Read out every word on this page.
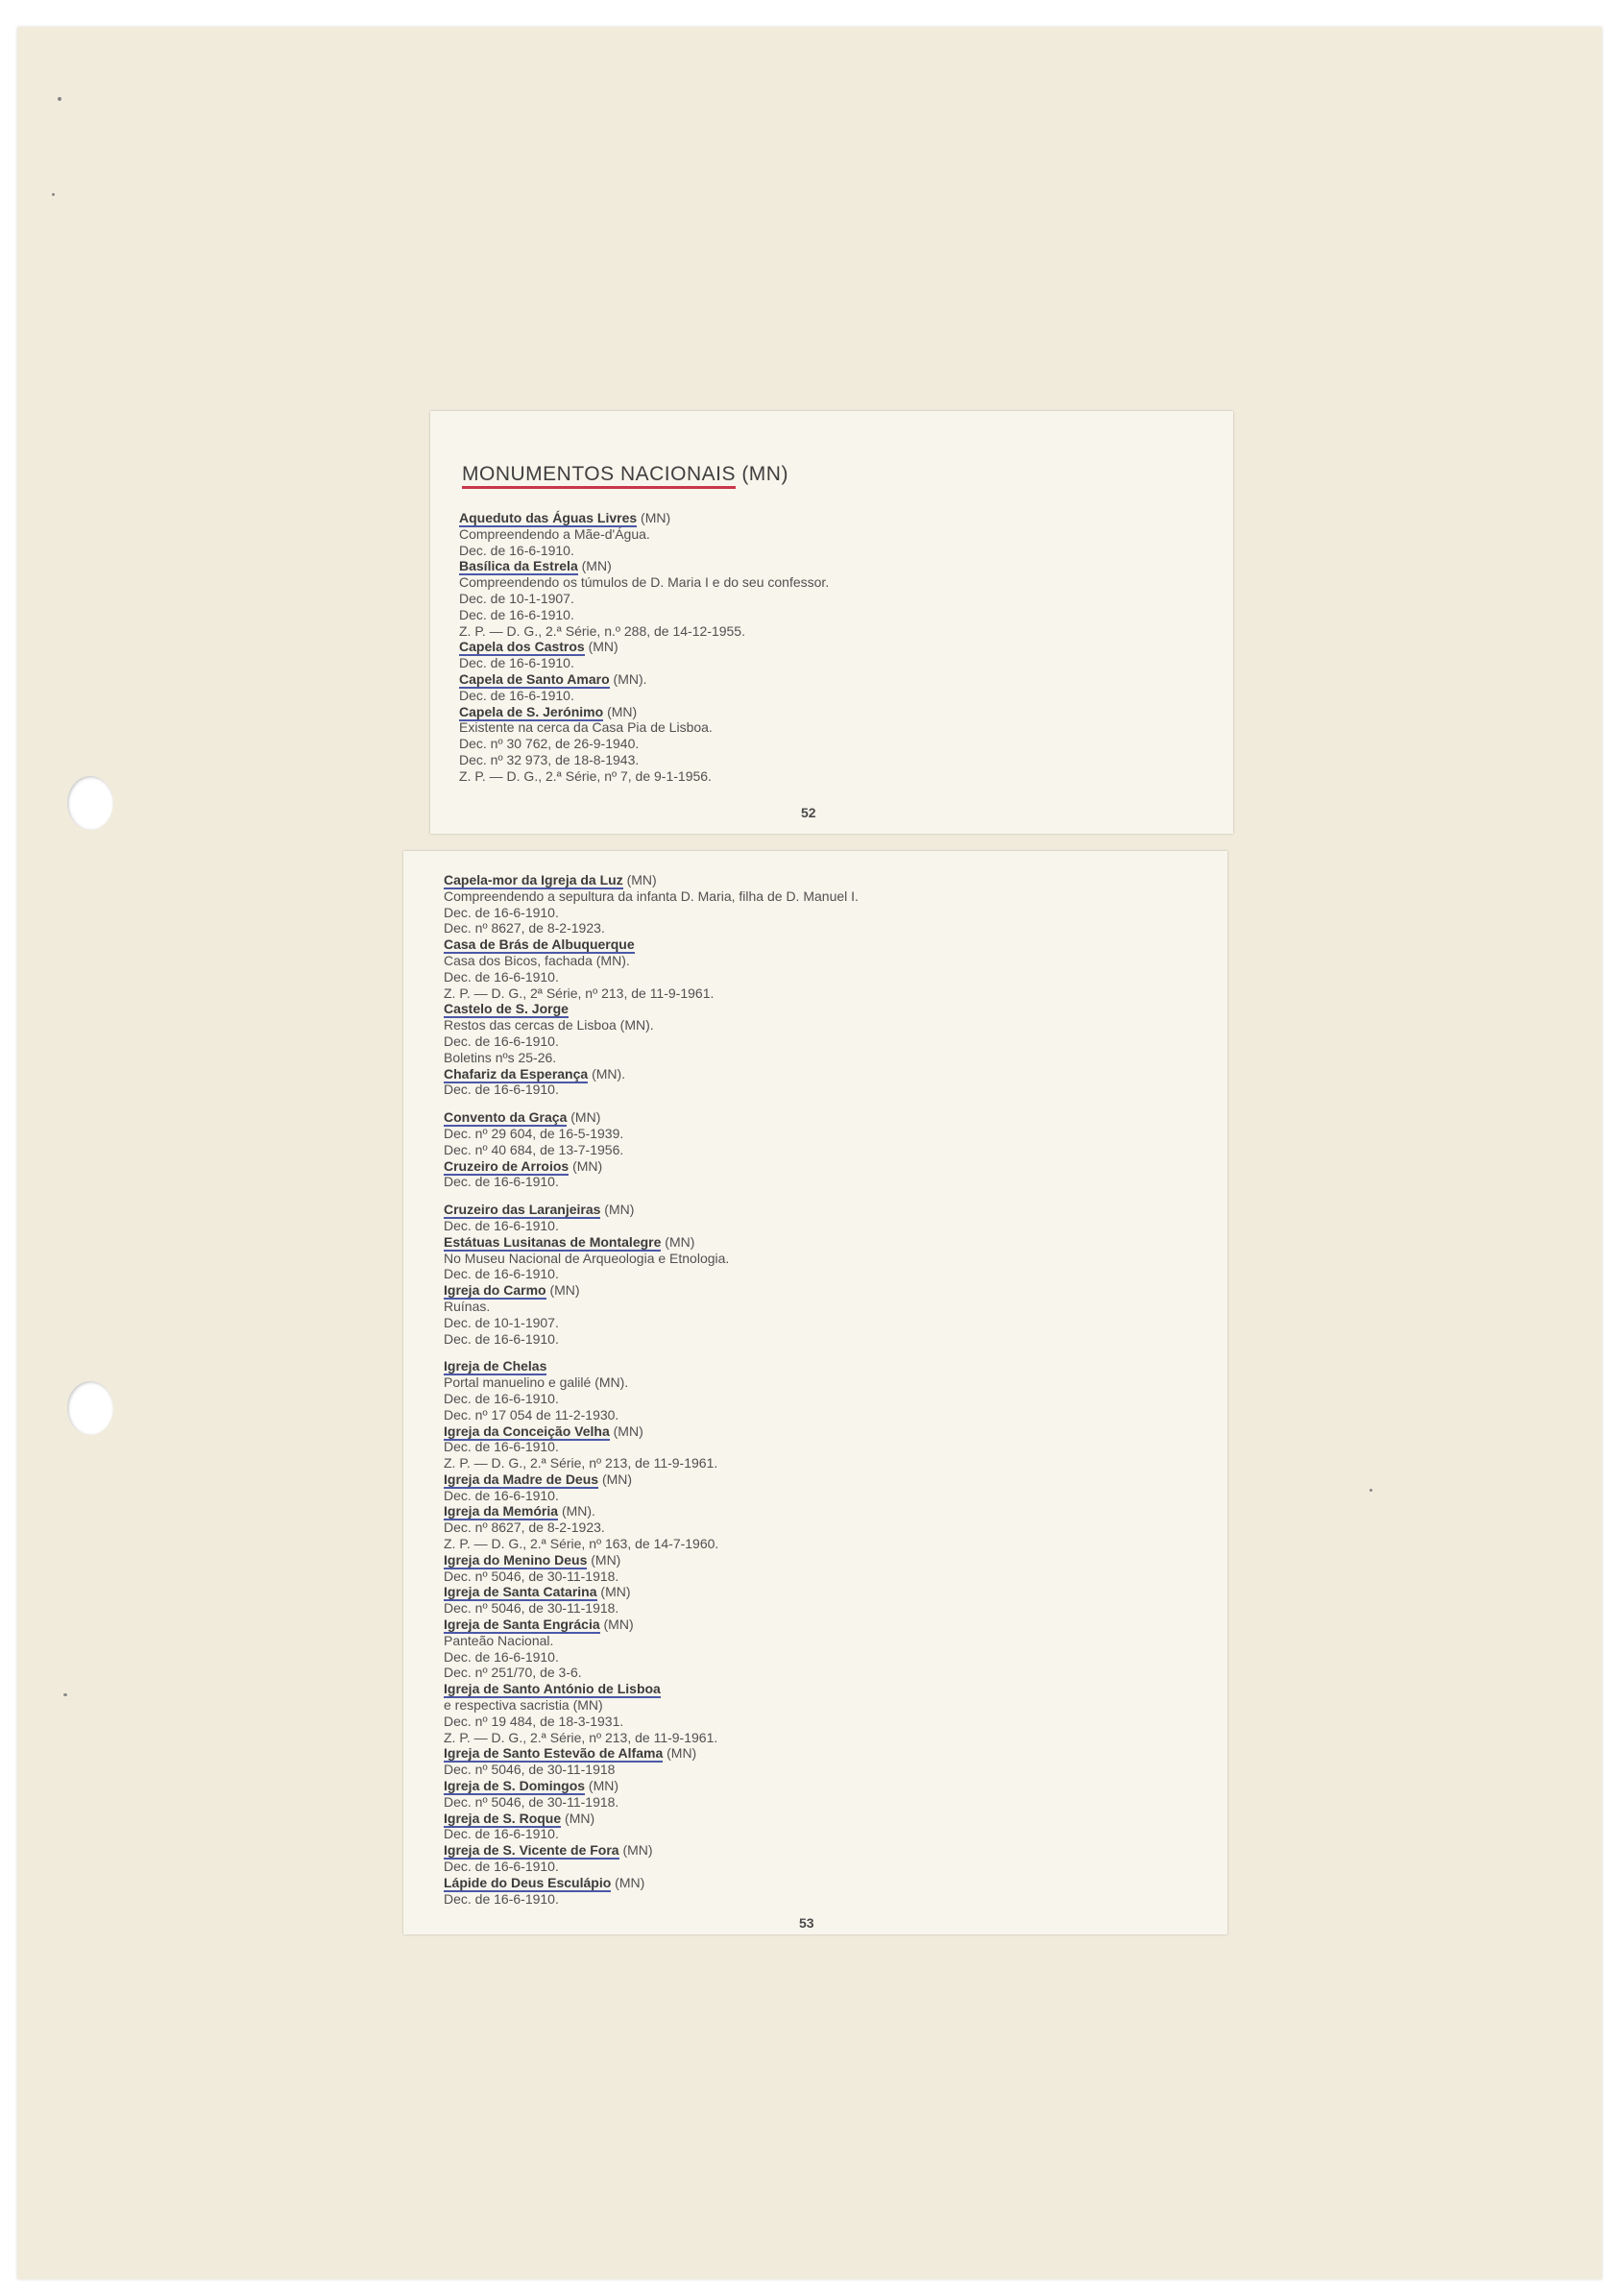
MONUMENTOS NACIONAIS (MN)
Aqueduto das Águas Livres (MN)
Compreendendo a Mãe-d'Água.
Dec. de 16-6-1910.
Basílica da Estrela (MN)
Compreendendo os túmulos de D. Maria I e do seu confessor.
Dec. de 10-1-1907.
Dec. de 16-6-1910.
Z. P. — D. G., 2.ª Série, n.º 288, de 14-12-1955.
Capela dos Castros (MN)
Dec. de 16-6-1910.
Capela de Santo Amaro (MN).
Dec. de 16-6-1910.
Capela de S. Jerónimo (MN)
Existente na cerca da Casa Pia de Lisboa.
Dec. nº 30 762, de 26-9-1940.
Dec. nº 32 973, de 18-8-1943.
Z. P. — D. G., 2.ª Série, nº 7, de 9-1-1956.
52
Capela-mor da Igreja da Luz (MN)
Compreendendo a sepultura da infanta D. Maria, filha de D. Manuel I.
Dec. de 16-6-1910.
Dec. nº 8627, de 8-2-1923.
Casa de Brás de Albuquerque
Casa dos Bicos, fachada (MN).
Dec. de 16-6-1910.
Z. P. — D. G., 2ª Série, nº 213, de 11-9-1961.
Castelo de S. Jorge
Restos das cercas de Lisboa (MN).
Dec. de 16-6-1910.
Boletins nºs 25-26.
Chafariz da Esperança (MN).
Dec. de 16-6-1910.
Convento da Graça (MN)
Dec. nº 29 604, de 16-5-1939.
Dec. nº 40 684, de 13-7-1956.
Cruzeiro de Arroios (MN)
Dec. de 16-6-1910.
Cruzeiro das Laranjeiras (MN)
Dec. de 16-6-1910.
Estátuas Lusitanas de Montalegre (MN)
No Museu Nacional de Arqueologia e Etnologia.
Dec. de 16-6-1910.
Igreja do Carmo (MN)
Ruínas.
Dec. de 10-1-1907.
Dec. de 16-6-1910.
Igreja de Chelas
Portal manuelino e galilé (MN).
Dec. de 16-6-1910.
Dec. nº 17 054 de 11-2-1930.
Igreja da Conceição Velha (MN)
Dec. de 16-6-1910.
Z. P. — D. G., 2.ª Série, nº 213, de 11-9-1961.
Igreja da Madre de Deus (MN)
Dec. de 16-6-1910.
Igreja da Memória (MN).
Dec. nº 8627, de 8-2-1923.
Z. P. — D. G., 2.ª Série, nº 163, de 14-7-1960.
Igreja do Menino Deus (MN)
Dec. nº 5046, de 30-11-1918.
Igreja de Santa Catarina (MN)
Dec. nº 5046, de 30-11-1918.
Igreja de Santa Engrácia (MN)
Panteão Nacional.
Dec. de 16-6-1910.
Dec. nº 251/70, de 3-6.
Igreja de Santo António de Lisboa
e respectiva sacristia (MN)
Dec. nº 19 484, de 18-3-1931.
Z. P. — D. G., 2.ª Série, nº 213, de 11-9-1961.
Igreja de Santo Estevão de Alfama (MN)
Dec. nº 5046, de 30-11-1918
Igreja de S. Domingos (MN)
Dec. nº 5046, de 30-11-1918.
Igreja de S. Roque (MN)
Dec. de 16-6-1910.
Igreja de S. Vicente de Fora (MN)
Dec. de 16-6-1910.
Lápide do Deus Esculápio (MN)
Dec. de 16-6-1910.
53
